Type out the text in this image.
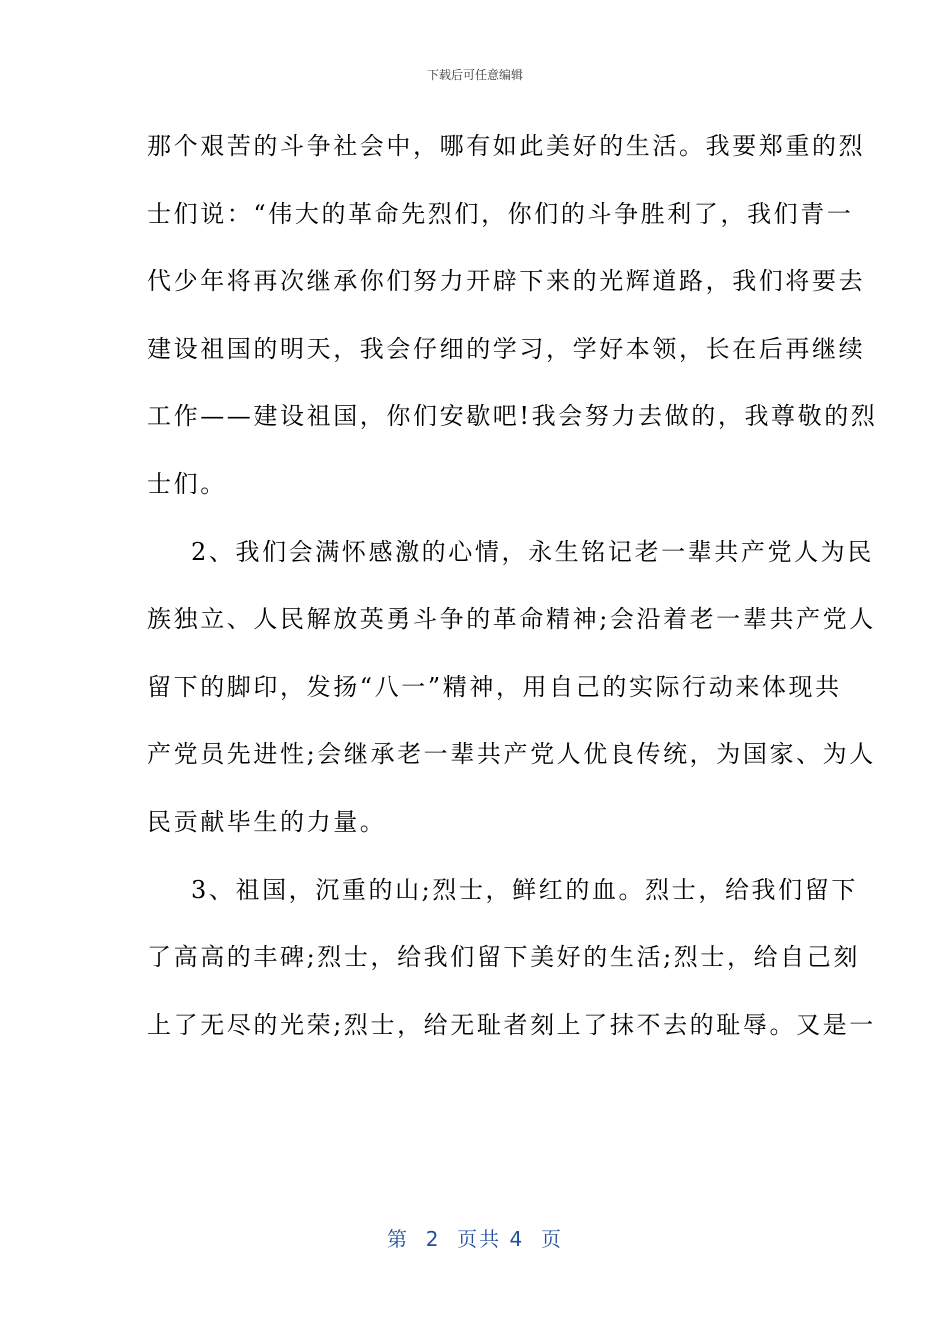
下载后可任意编辑
那个艰苦的斗争社会中，哪有如此美好的生活。我要郑重的烈
士们说：“伟大的革命先烈们，你们的斗争胜利了，我们青一
代少年将再次继承你们努力开辟下来的光辉道路，我们将要去
建设祖国的明天，我会仔细的学习，学好本领，长在后再继续
工作——建设祖国，你们安歇吧!我会努力去做的，我尊敬的烈
士们。
2、我们会满怀感激的心情，永生铭记老一辈共产党人为民
族独立、人民解放英勇斗争的革命精神;会沿着老一辈共产党人
留下的脚印，发扬“八一”精神，用自己的实际行动来体现共
产党员先进性;会继承老一辈共产党人优良传统，为国家、为人
民贡献毕生的力量。
3、祖国，沉重的山;烈士，鲜红的血。烈士，给我们留下
了高高的丰碑;烈士，给我们留下美好的生活;烈士，给自己刻
上了无尽的光荣;烈士，给无耻者刻上了抹不去的耻辱。又是一
第  2  页共 4  页
